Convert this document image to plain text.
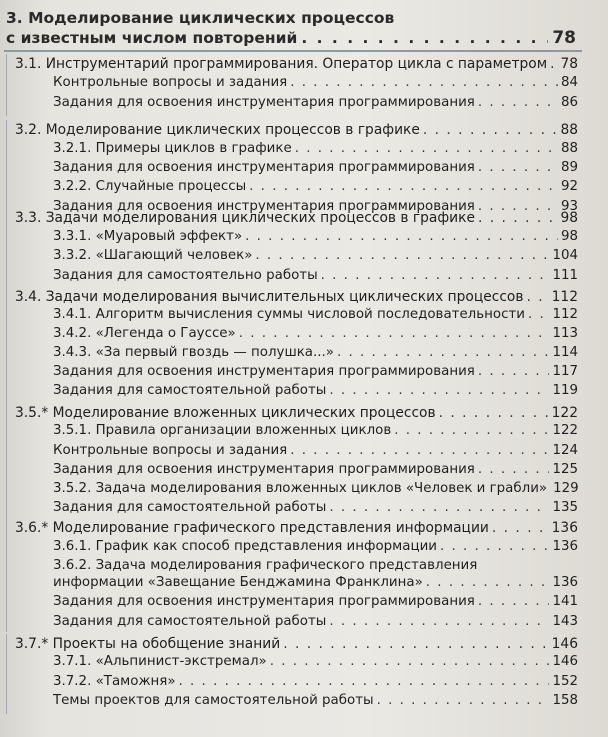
3. Моделирование циклических процессов
с известным числом повторений . . .	78
3.1. Инструментарий программирования. Оператор цикла с параметром . . . 78
Контрольные вопросы и задания . . .	84
Задания для освоения инструментария программирования . . .	86
3.2. Моделирование циклических процессов в графике . . .	88
3.2.1. Примеры циклов в графике . . .	88
Задания для освоения инструментария программирования . . .	89
3.2.2. Случайные процессы . . .	92
Задания для освоения инструментария программирования . . .	93
3.3. Задачи моделирования циклических процессов в графике . . .	98
3.3.1. «Муаровый эффект» . . .	98
3.3.2. «Шагающий человек» . . .	104
Задания для самостоятельно работы . . .	111
3.4. Задачи моделирования вычислительных циклических процессов . . . 112
3.4.1. Алгоритм вычисления суммы числовой последовательности . . . 112
3.4.2. «Легенда о Гауссе» . . .	113
3.4.3. «За первый гвоздь — полушка...» . . .	114
Задания для освоения инструментария программирования . . .	117
Задания для самостоятельной работы . . .	119
3.5.* Моделирование вложенных циклических процессов . . .	122
3.5.1. Правила организации вложенных циклов . . .	122
Контрольные вопросы и задания . . .	124
Задания для освоения инструментария программирования . . .	125
3.5.2. Задача моделирования вложенных циклов «Человек и грабли» 129
Задания для самостоятельной работы . . .	135
3.6.* Моделирование графического представления информации . . .	136
3.6.1. График как способ представления информации . . .	136
3.6.2. Задача моделирования графического представления
информации «Завещание Бенджамина Франклина» . . .	136
Задания для освоения инструментария программирования . . .	141
Задания для самостоятельной работы . . .	143
3.7.* Проекты на обобщение знаний . . .	146
3.7.1. «Альпинист-экстремал» . . .	146
3.7.2. «Таможня» . . .	152
Темы проектов для самостоятельной работы . . .	158
